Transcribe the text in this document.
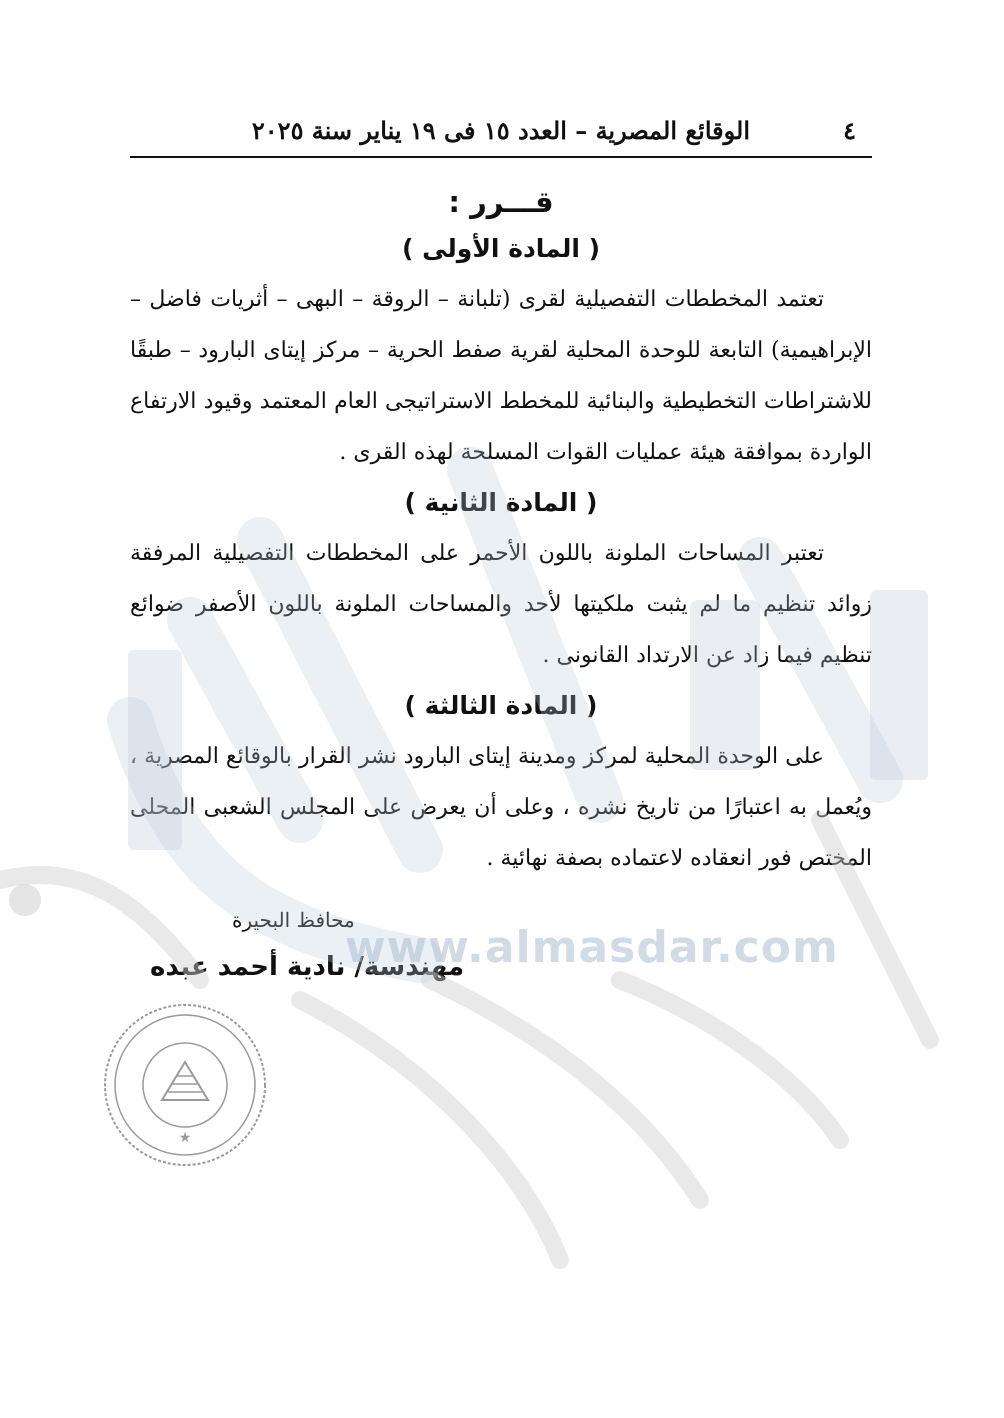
٤
الوقائع المصرية – العدد ١٥ فى ١٩ يناير سنة ٢٠٢٥

قـــرر :

( المادة الأولى )

تعتمد المخططات التفصيلية لقرى (تلبانة – الروقة – البهى – أثريات فاضل – الإبراهيمية) التابعة للوحدة المحلية لقرية صفط الحرية – مركز إيتاى البارود – طبقًا للاشتراطات التخطيطية والبنائية للمخطط الاستراتيجى العام المعتمد وقيود الارتفاع الواردة بموافقة هيئة عمليات القوات المسلحة لهذه القرى .

( المادة الثانية )

تعتبر المساحات الملونة باللون الأحمر على المخططات التفصيلية المرفقة زوائد تنظيم ما لم يثبت ملكيتها لأحد والمساحات الملونة باللون الأصفر ضوائع تنظيم فيما زاد عن الارتداد القانونى .

( المادة الثالثة )

على الوحدة المحلية لمركز ومدينة إيتاى البارود نشر القرار بالوقائع المصرية ، ويُعمل به اعتبارًا من تاريخ نشره ، وعلى أن يعرض على المجلس الشعبى المحلى المختص فور انعقاده لاعتماده بصفة نهائية .

محافظ البحيرة
مهندسة/ نادية أحمد عبده
www.almasdar.com
★
